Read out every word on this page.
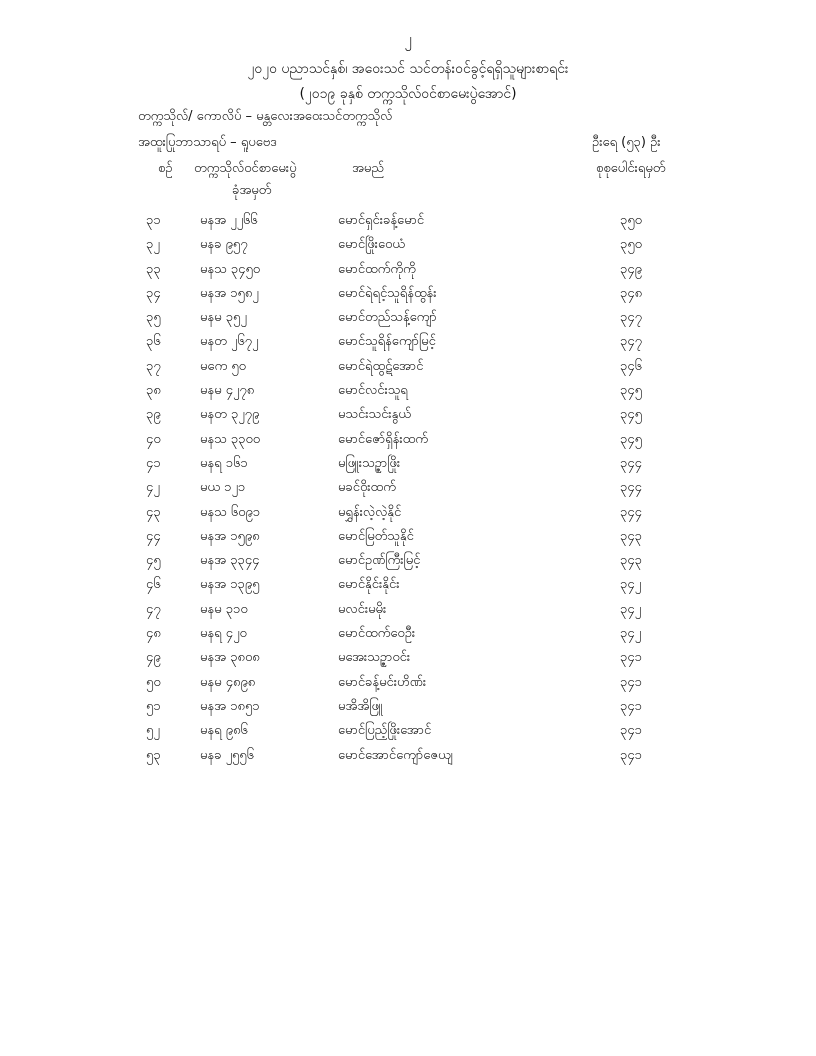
၂
၂၀၂၀ ပညာသင်နှစ်၊ အဝေးသင် သင်တန်းဝင်ခွင့်ရရှိသူများစာရင်း
(၂၀၁၉ ခုနှစ် တက္ကသိုလ်ဝင်စာမေးပွဲအောင်)
တက္ကသိုလ်/ ကောလိပ် – မန္တလေးအဝေးသင်တက္ကသိုလ်
အထူးပြုဘာသာရပ် – ရူပဗေဒ	ဦးရေ (၅၃) ဦး
စဉ် တက္ကသိုလ်ဝင်စာမေးပွဲ
ခုံအမှတ်
အမည်	စုစုပေါင်းရမှတ်
၃၁	မနအ ၂၂၆၆	မောင်ရှင်းခန့်မောင်	၃၅၀
၃၂	မနခ ၉၅၇	မောင်ဖြိုးဝေယံ	၃၅၀
၃၃	မနသ ၃၄၅၀	မောင်ထက်ကိုကို	၃၄၉
၃၄	မနအ ၁၅၈၂	မောင်ရဲရင့်သူရိန်ထွန်း	၃၄၈
၃၅	မနမ ၃၅၂	မောင်တည်သန့်ကျော်	၃၄၇
၃၆	မနတ ၂၆၇၂	မောင်သူရိန်ကျော်မြင့်	၃၄၇
၃၇	မကေ ၅၀	မောင်ရဲထွဋ်အောင်	၃၄၆
၃၈	မနမ ၄၂၇၈	မောင်လင်းသူရ	၃၄၅
၃၉	မနတ ၃၂၇၉	မသင်းသင်းနွယ်	၃၄၅
၄၀	မနသ ၃၃၀၀	မောင်ဇော်ရှိန်းထက်	၃၄၅
၄၁	မနရ ၁၆၁	မဖြူးသဉ္ဇာဖြိုး	၃၄၄
၄၂	မယ ၁၂၁	မခင်ဝိုးထက်	၃၄၄
၄၃	မနသ ၆၀၉၁	မရွှန်းလဲ့လဲ့နိုင်	၃၄၄
၄၄	မနအ ၁၅၉၈	မောင်မြတ်သူနိုင်	၃၄၃
၄၅	မနအ ၃၃၄၄	မောင်ဥဏ်ကြီးမြင့်	၃၄၃
၄၆	မနအ ၁၃၉၅	မောင်နိုင်းနိုင်း	၃၄၂
၄၇	မနမ ၃၁၀	မလင်းမမိုး	၃၄၂
၄၈	မနရ ၄၂၀	မောင်ထက်ဝေဦး	၃၄၂
၄၉	မနအ ၃၈၀၈	မအေးသဉ္ဇာဝင်း	၃၄၁
၅၀	မနမ ၄၈၉၈	မောင်ခန့်မင်းဟိဏ်း	၃၄၁
၅၁	မနအ ၁၈၅၁	မအိအိဖြူ	၃၄၁
၅၂	မနရ ၉၈၆	မောင်ပြည့်ဖြိုးအောင်	၃၄၁
၅၃	မနခ ၂၅၅၆	မောင်အောင်ကျော်ဇေယျ	၃၄၁
